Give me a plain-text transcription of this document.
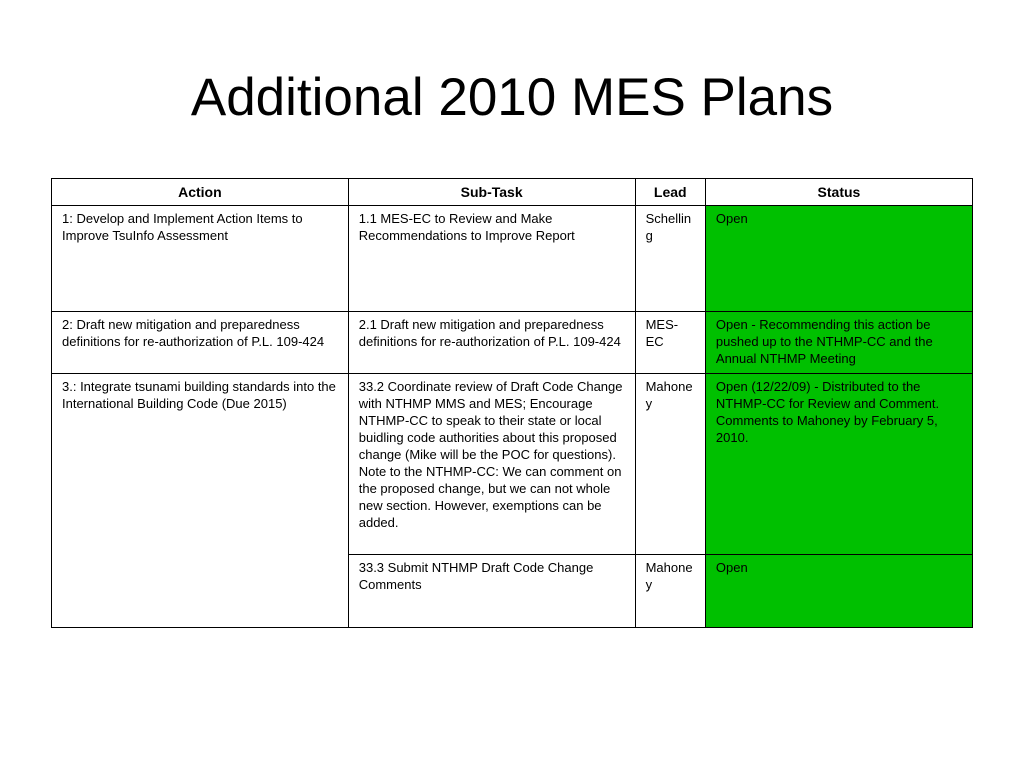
Additional 2010 MES Plans
Action	Sub-Task	Lead	Status
1: Develop and Implement Action Items to Improve TsuInfo Assessment	1.1 MES-EC to Review and Make Recommendations to Improve Report	Schelling	Open
2: Draft new mitigation and preparedness definitions for re-authorization of P.L. 109-424	2.1 Draft new mitigation and preparedness definitions for re-authorization of P.L. 109-424	MES-EC	Open - Recommending this action be pushed up to the NTHMP-CC and the Annual NTHMP Meeting
3.: Integrate tsunami building standards into the International Building Code (Due 2015)	33.2 Coordinate review of Draft Code Change with NTHMP MMS and MES; Encourage NTHMP-CC to speak to their state or local buidling code authorities about this proposed change (Mike will be the POC for questions). Note to the NTHMP-CC: We can comment on the proposed change, but we can not whole new section. However, exemptions can be added.	Mahoney	Open (12/22/09) - Distributed to the NTHMP-CC for Review and Comment. Comments to Mahoney by February 5, 2010.
	33.3 Submit NTHMP Draft Code Change Comments	Mahoney	Open
